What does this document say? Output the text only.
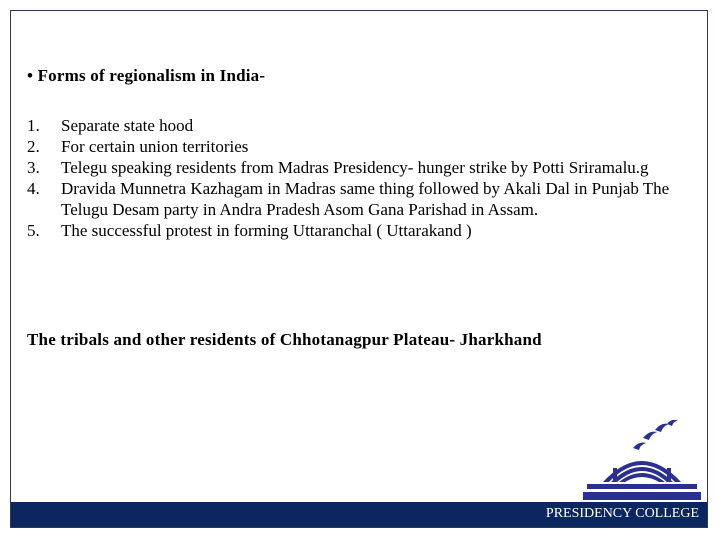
• Forms of regionalism in India-
1.	Separate state hood
2.	For certain union territories
3.	Telegu speaking residents from Madras Presidency- hunger strike by Potti Sriramalu.g
4.	Dravida Munnetra Kazhagam in Madras same thing followed by Akali Dal in Punjab The Telugu Desam party in Andra Pradesh Asom Gana Parishad in Assam.
5.	The successful protest in forming Uttaranchal ( Uttarakand )
The tribals and other residents of Chhotanagpur Plateau- Jharkhand
PRESIDENCY COLLEGE
